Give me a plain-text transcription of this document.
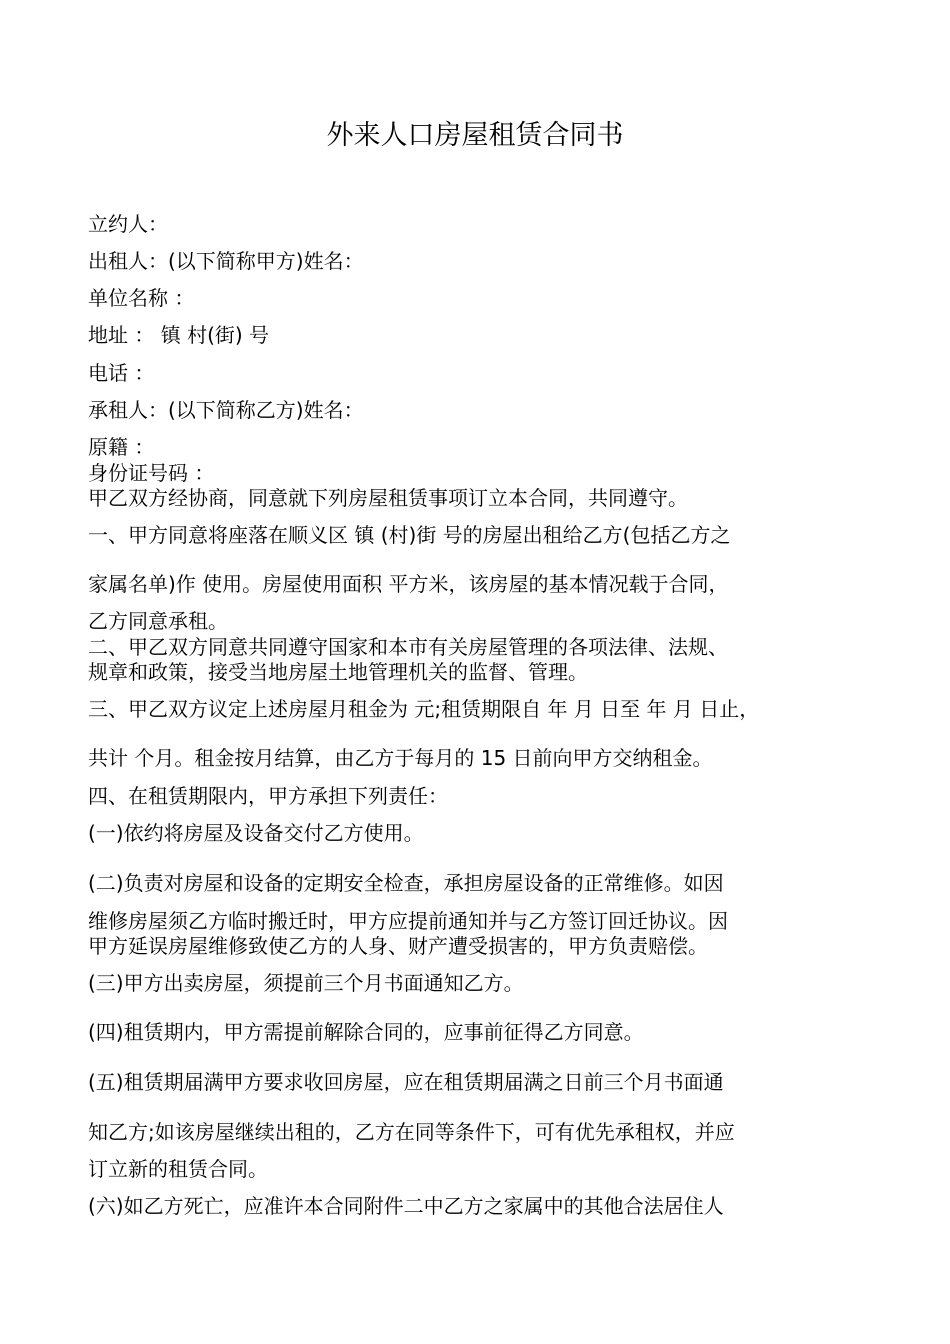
外来人口房屋租赁合同书
立约人：
出租人：(以下简称甲方)姓名：
单位名称 ：
地址 ： 镇 村(街) 号
电话 ：
承租人：(以下简称乙方)姓名：
原籍 ：
身份证号码 ：
甲乙双方经协商，同意就下列房屋租赁事项订立本合同，共同遵守。
一、甲方同意将座落在顺义区 镇 (村)街 号的房屋出租给乙方(包括乙方之
家属名单)作 使用。房屋使用面积 平方米，该房屋的基本情况载于合同，
乙方同意承租。
二、甲乙双方同意共同遵守国家和本市有关房屋管理的各项法律、法规、
规章和政策，接受当地房屋土地管理机关的监督、管理。
三、甲乙双方议定上述房屋月租金为 元;租赁期限自 年 月 日至 年 月 日止，
共计 个月。租金按月结算，由乙方于每月的 15 日前向甲方交纳租金。
四、在租赁期限内，甲方承担下列责任：
(一)依约将房屋及设备交付乙方使用。
(二)负责对房屋和设备的定期安全检查，承担房屋设备的正常维修。如因
维修房屋须乙方临时搬迁时，甲方应提前通知并与乙方签订回迁协议。因
甲方延误房屋维修致使乙方的人身、财产遭受损害的，甲方负责赔偿。
(三)甲方出卖房屋，须提前三个月书面通知乙方。
(四)租赁期内，甲方需提前解除合同的，应事前征得乙方同意。
(五)租赁期届满甲方要求收回房屋，应在租赁期届满之日前三个月书面通
知乙方;如该房屋继续出租的，乙方在同等条件下，可有优先承租权，并应
订立新的租赁合同。
(六)如乙方死亡，应准许本合同附件二中乙方之家属中的其他合法居住人
